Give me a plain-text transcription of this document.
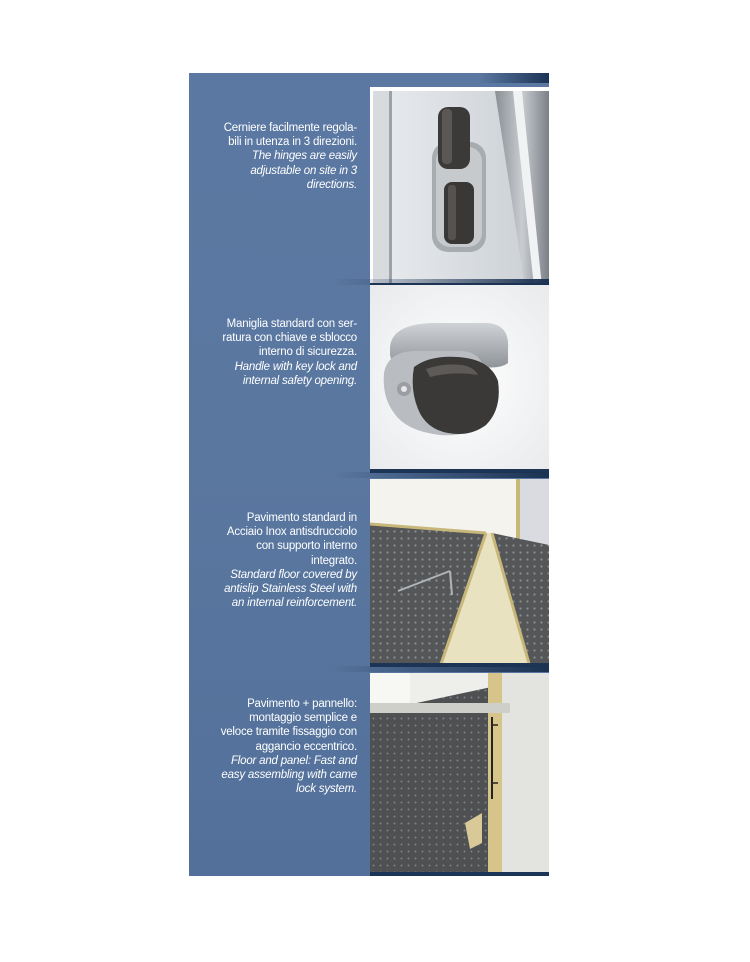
Cerniere facilmente regola-
bili in utenza in 3 direzioni.
The hinges are easily
adjustable on site in 3
directions.
Maniglia standard con ser-
ratura con chiave e sblocco
interno di sicurezza.
Handle with key lock and
internal safety opening.
Pavimento standard in
Acciaio Inox antisdrucciolo
con supporto interno
integrato.
Standard floor covered by
antislip Stainless Steel with
an internal reinforcement.
Pavimento + pannello:
montaggio semplice e
veloce tramite fissaggio con
aggancio eccentrico.
Floor and panel: Fast and
easy assembling with came
lock system.
